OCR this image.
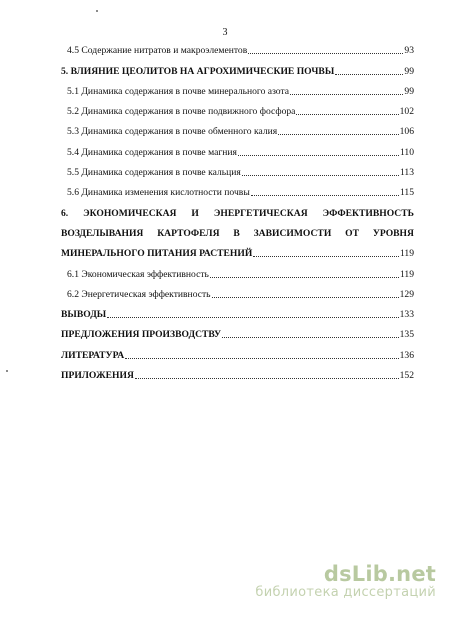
3
4.5 Содержание нитратов и макроэлементов	93
5. ВЛИЯНИЕ ЦЕОЛИТОВ НА АГРОХИМИЧЕСКИЕ ПОЧВЫ	99
5.1 Динамика содержания в почве минерального азота	99
5.2 Динамика содержания в почве подвижного фосфора	102
5.3 Динамика содержания в почве обменного калия	106
5.4 Динамика содержания в почве магния	110
5.5 Динамика содержания в почве кальция	113
5.6 Динамика изменения кислотности почвы	115
6. ЭКОНОМИЧЕСКАЯ И ЭНЕРГЕТИЧЕСКАЯ ЭФФЕКТИВНОСТЬ
ВОЗДЕЛЫВАНИЯ КАРТОФЕЛЯ В ЗАВИСИМОСТИ ОТ УРОВНЯ
МИНЕРАЛЬНОГО ПИТАНИЯ РАСТЕНИЙ	119
6.1 Экономическая эффективность	119
6.2 Энергетическая эффективность	129
ВЫВОДЫ	133
ПРЕДЛОЖЕНИЯ ПРОИЗВОДСТВУ	135
ЛИТЕРАТУРА	136
ПРИЛОЖЕНИЯ	152
dsLib.net
библиотека диссертаций
